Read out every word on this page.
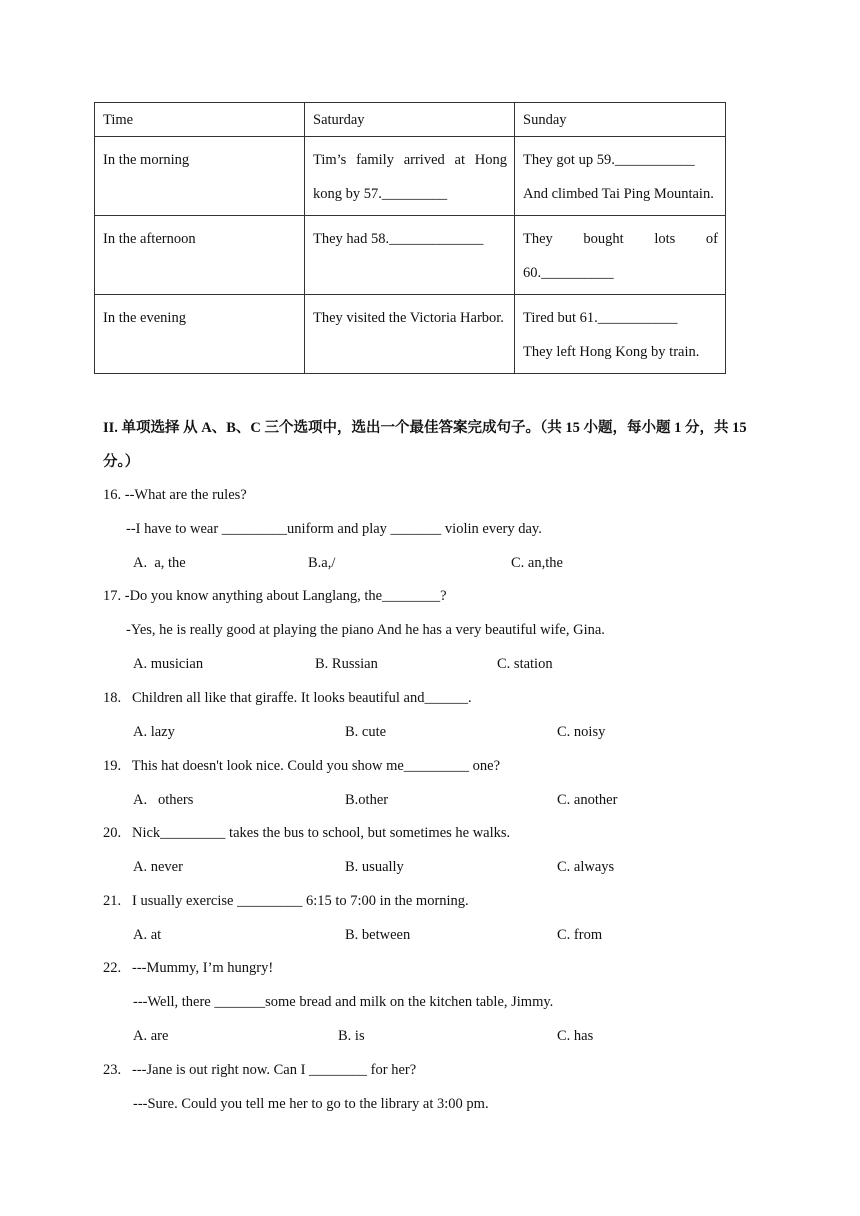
Time	Saturday	Sunday
In the morning	Tim’s family arrived at Hong kong by 57._________	They got up 59.___________
And climbed Tai Ping Mountain.

In the afternoon	They had 58._____________	They bought lots of 60.__________
In the evening	They visited the Victoria Harbor.	Tired but 61.___________
They left Hong Kong by train.
II. 单项选择 从 A、B、C 三个选项中，选出一个最佳答案完成句子。（共 15 小题，每小题 1 分，共 15 分。）
16. --What are the rules?
--I have to wear _________uniform and play _______ violin every day.
A.  a, the	B.a,/	C. an,the
17. -Do you know anything about Langlang, the________?
-Yes, he is really good at playing the piano And he has a very beautiful wife, Gina.
A. musician	B. Russian	C. station
18.   Children all like that giraffe. It looks beautiful and______.
A. lazy	B. cute	C. noisy
19.   This hat doesn't look nice. Could you show me_________ one?
A.   others	B.other	C. another
20.   Nick_________ takes the bus to school, but sometimes he walks.
A. never	B. usually	C. always
21.   I usually exercise _________ 6:15 to 7:00 in the morning.
A. at	B. between	C. from
22.   ---Mummy, I’m hungry!
---Well, there _______some bread and milk on the kitchen table, Jimmy.
A. are	B. is	C. has
23.   ---Jane is out right now. Can I ________ for her?
---Sure. Could you tell me her to go to the library at 3:00 pm.
